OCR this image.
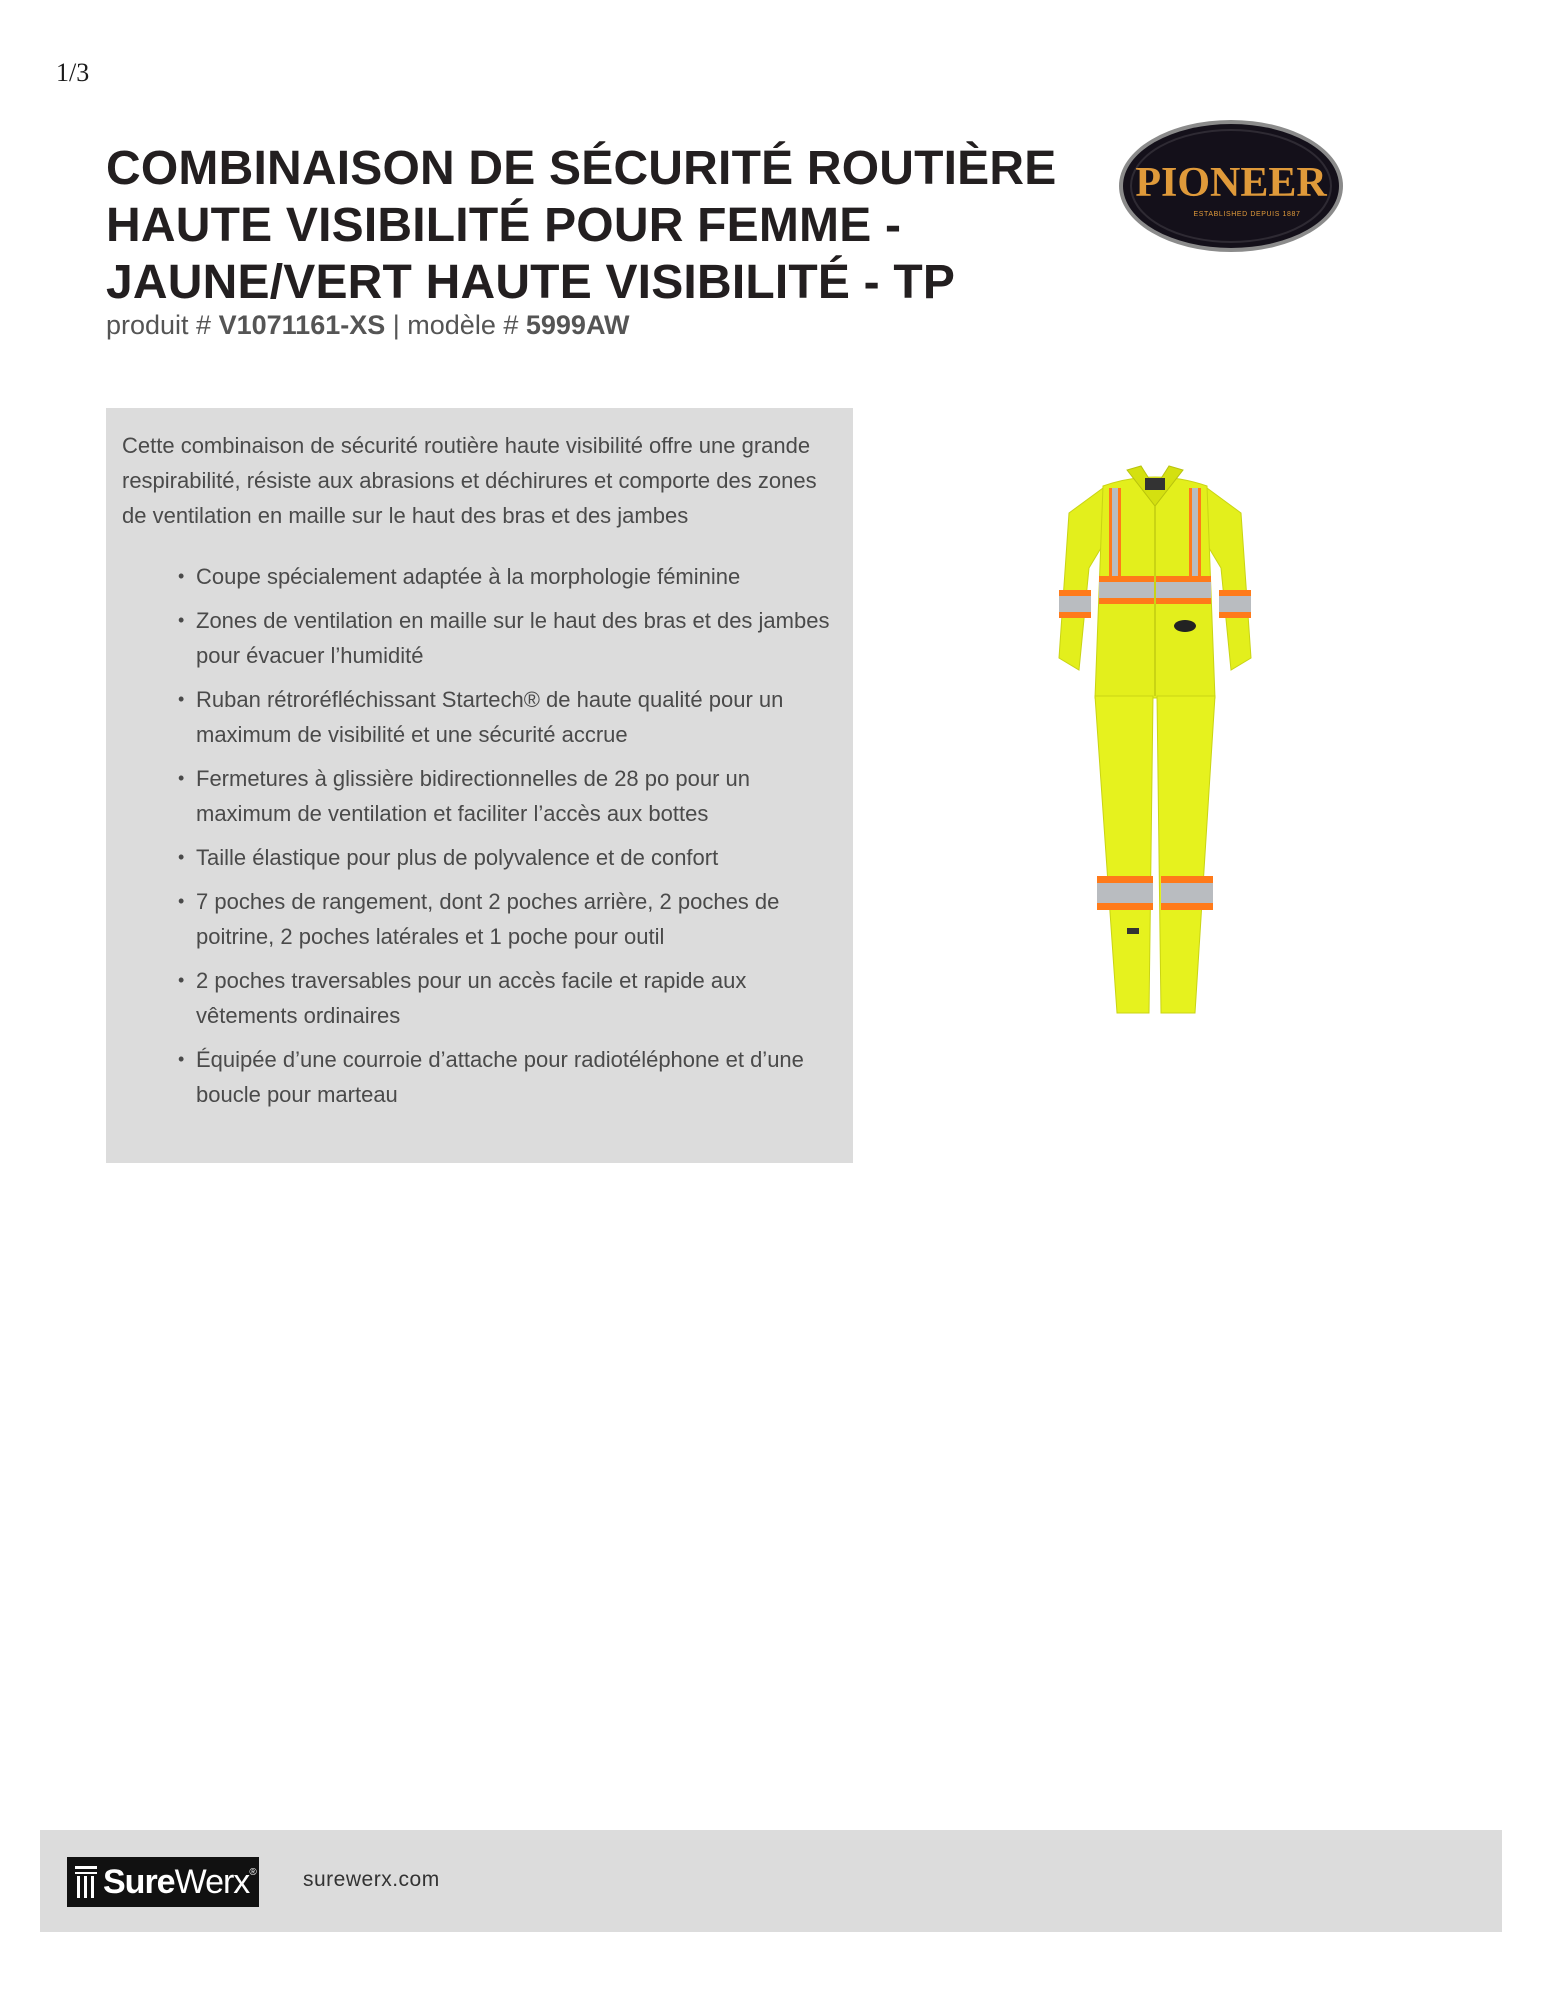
1/3
COMBINAISON DE SÉCURITÉ ROUTIÈRE
HAUTE VISIBILITÉ POUR FEMME -
JAUNE/VERT HAUTE VISIBILITÉ - TP
produit # V1071161-XS | modèle # 5999AW
PIONEER
ESTABLISHED DEPUIS 1887

Cette combinaison de sécurité routière haute visibilité offre une grande respirabilité, résiste aux abrasions et déchirures et comporte des zones de ventilation en maille sur le haut des bras et des jambes

• Coupe spécialement adaptée à la morphologie féminine
• Zones de ventilation en maille sur le haut des bras et des jambes pour évacuer l’humidité
• Ruban rétroréfléchissant Startech® de haute qualité pour un maximum de visibilité et une sécurité accrue
• Fermetures à glissière bidirectionnelles de 28 po pour un maximum de ventilation et faciliter l’accès aux bottes
• Taille élastique pour plus de polyvalence et de confort
• 7 poches de rangement, dont 2 poches arrière, 2 poches de poitrine, 2 poches latérales et 1 poche pour outil
• 2 poches traversables pour un accès facile et rapide aux vêtements ordinaires
• Équipée d’une courroie d’attache pour radiotéléphone et d’une boucle pour marteau
Sure Werx ® surewerx.com
